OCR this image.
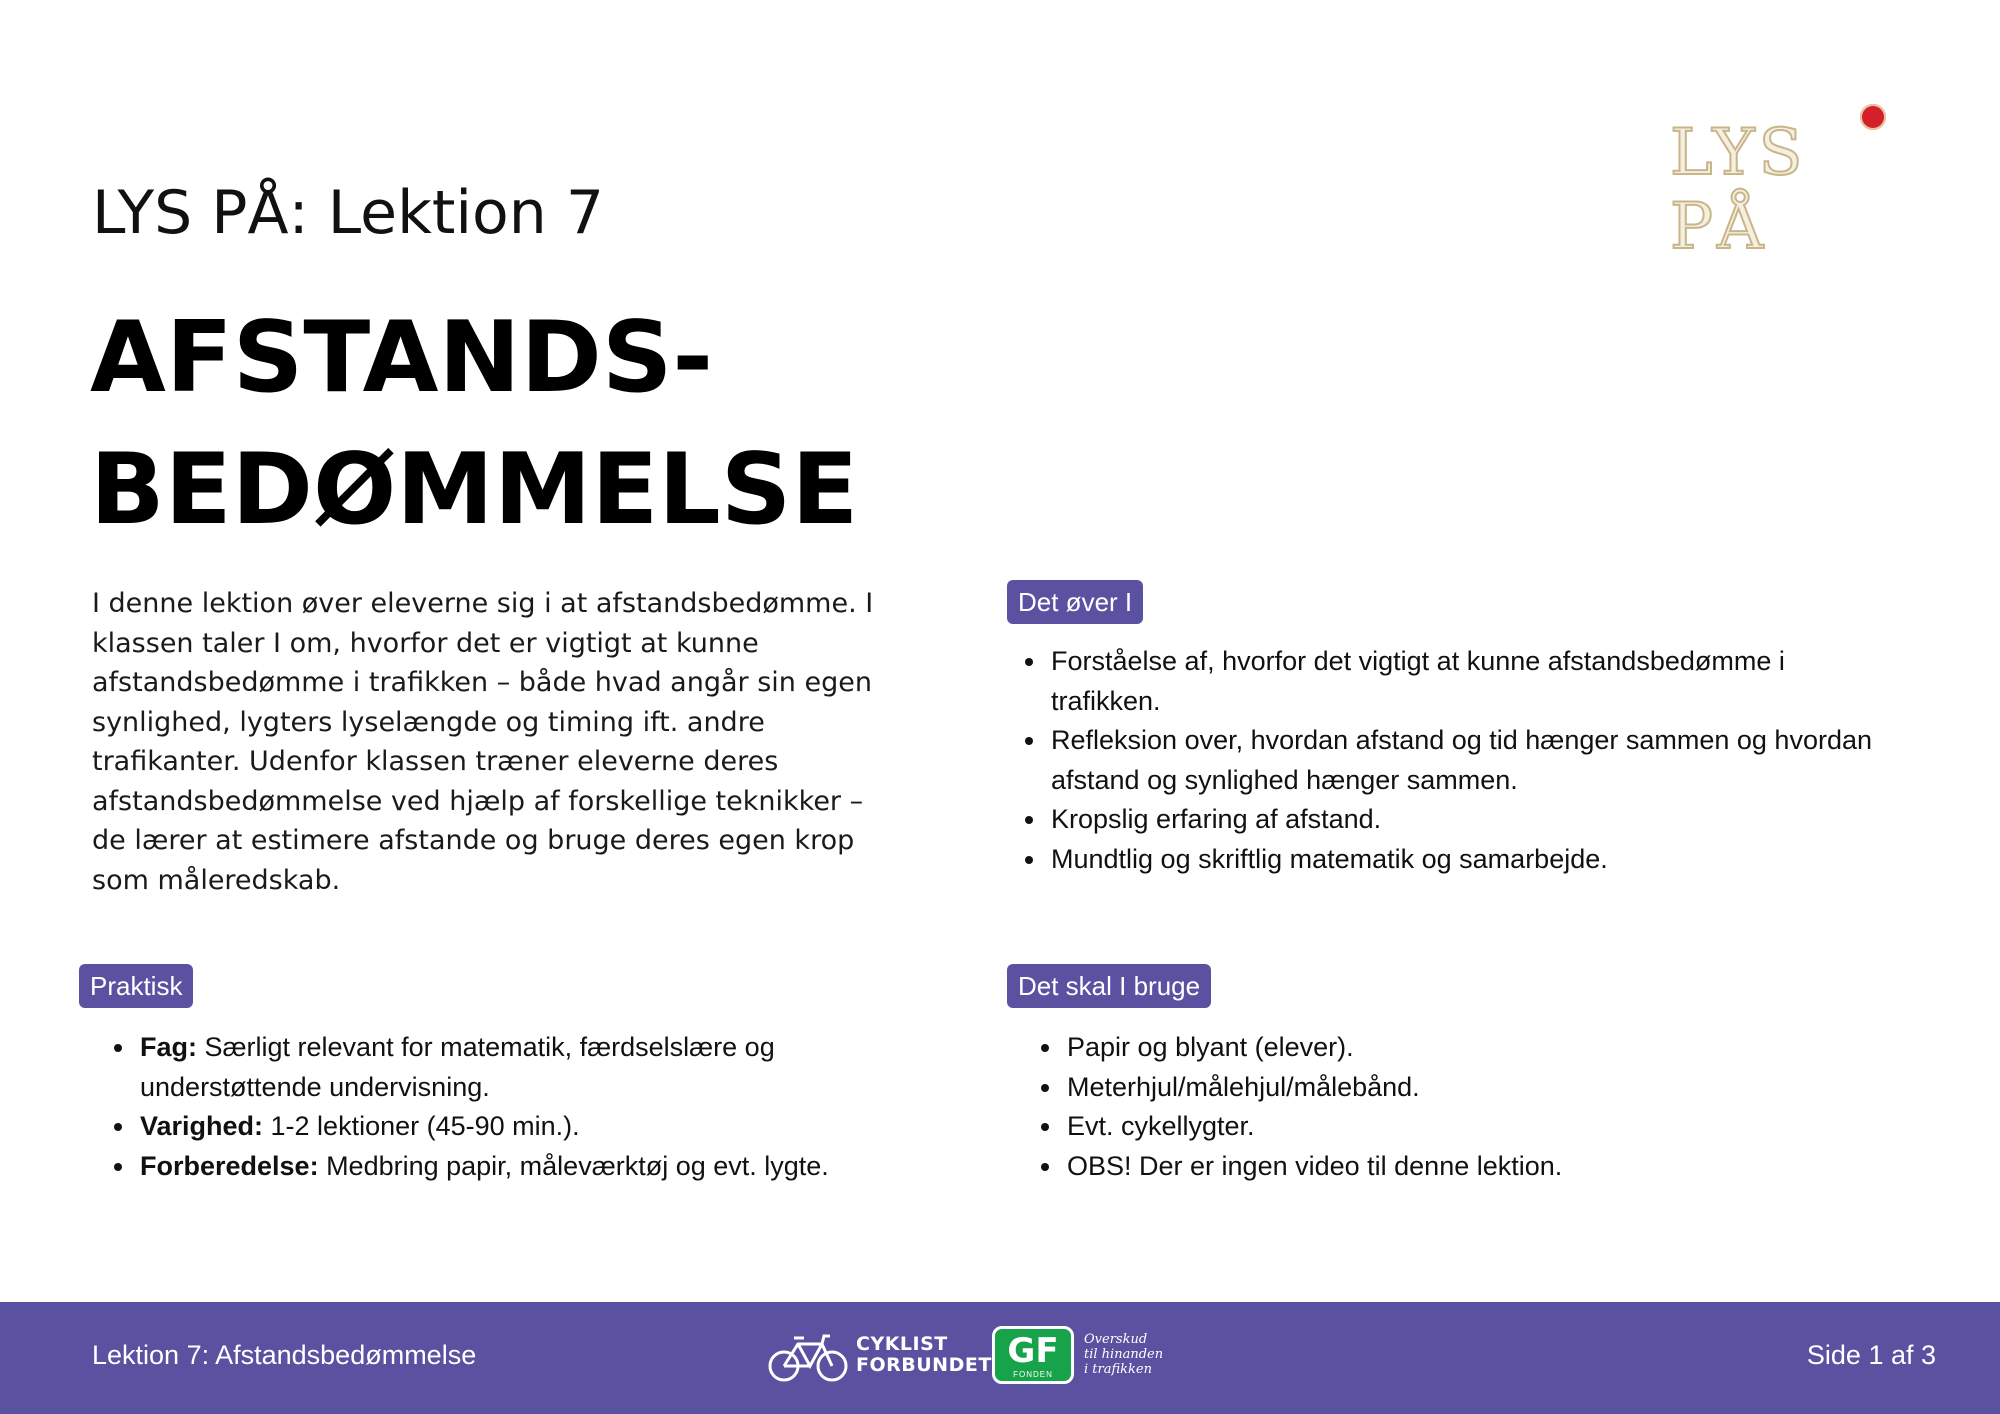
LYS PÅ
LYS PÅ: Lektion 7
AFSTANDS-
BEDØMMELSE

I denne lektion øver eleverne sig i at afstandsbedømme. I klassen taler I om, hvorfor det er vigtigt at kunne afstandsbedømme i trafikken – både hvad angår sin egen synlighed, lygters lyselængde og timing ift. andre trafikanter. Udenfor klassen træner eleverne deres afstandsbedømmelse ved hjælp af forskellige teknikker – de lærer at estimere afstande og bruge deres egen krop som måleredskab.

Det øver I
Forståelse af, hvorfor det vigtigt at kunne afstandsbedømme i trafikken.
Refleksion over, hvordan afstand og tid hænger sammen og hvordan afstand og synlighed hænger sammen.
Kropslig erfaring af afstand.
Mundtlig og skriftlig matematik og samarbejde.
Praktisk
Fag: Særligt relevant for matematik, færdselslære og understøttende undervisning.
Varighed: 1-2 lektioner (45-90 min.).
Forberedelse: Medbring papir, måleværktøj og evt. lygte.
Det skal I bruge
Papir og blyant (elever).
Meterhjul/målehjul/målebånd.
Evt. cykellygter.
OBS! Der er ingen video til denne lektion.
Lektion 7: Afstandsbedømmelse	CYKLIST
FORBUNDET GF
FONDEN
Overskud
til hinanden
i trafikken	Side 1 af 3
